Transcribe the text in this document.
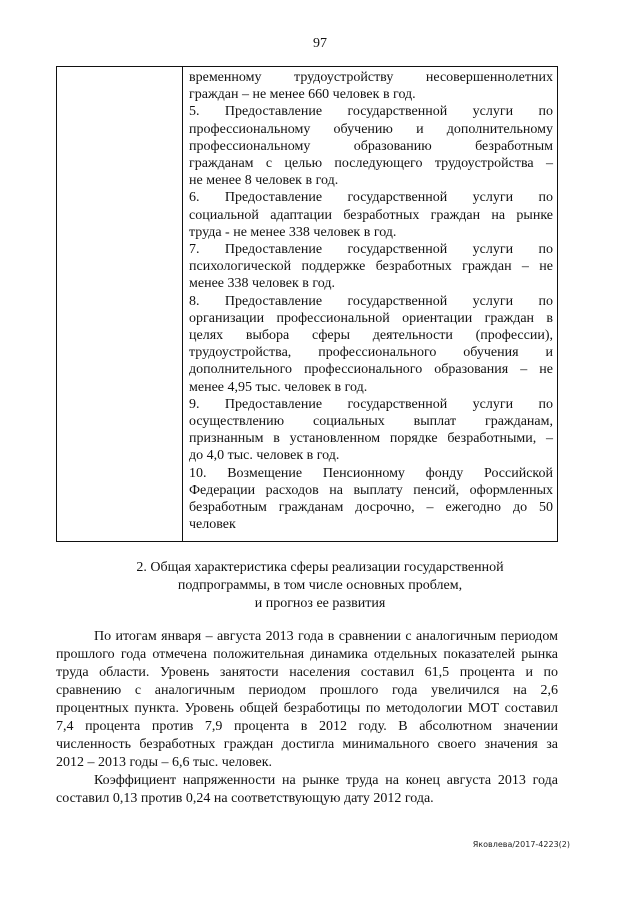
97
временному трудоустройству несовершеннолетних
граждан – не менее 660 человек в год.
5. Предоставление государственной услуги по
профессиональному обучению и дополнительному
профессиональному образованию безработным
гражданам с целью последующего трудоустройства –
не менее 8 человек в год.
6. Предоставление государственной услуги по
социальной адаптации безработных граждан на рынке
труда - не менее 338 человек в год.
7. Предоставление государственной услуги по
психологической поддержке безработных граждан – не
менее 338 человек в год.
8. Предоставление государственной услуги по
организации профессиональной ориентации граждан в
целях выбора сферы деятельности (профессии),
трудоустройства, профессионального обучения и
дополнительного профессионального образования – не
менее 4,95 тыс. человек в год.
9. Предоставление государственной услуги по
осуществлению социальных выплат гражданам,
признанным в установленном порядке безработными, –
до 4,0 тыс. человек в год.
10. Возмещение Пенсионному фонду Российской
Федерации расходов на выплату пенсий, оформленных
безработным гражданам досрочно, – ежегодно до 50
человек
2. Общая характеристика сферы реализации государственной
подпрограммы, в том числе основных проблем,
и прогноз ее развития
По итогам января – августа 2013 года в сравнении с аналогичным периодом
прошлого года отмечена положительная динамика отдельных показателей рынка
труда области. Уровень занятости населения составил 61,5 процента и по
сравнению с аналогичным периодом прошлого года увеличился на 2,6
процентных пункта. Уровень общей безработицы по методологии МОТ составил
7,4 процента против 7,9 процента в 2012 году. В абсолютном значении
численность безработных граждан достигла минимального своего значения за
2012 – 2013 годы – 6,6 тыс. человек.
Коэффициент напряженности на рынке труда на конец августа 2013 года
составил 0,13 против 0,24 на соответствующую дату 2012 года.
Яковлева/2017-4223(2)
